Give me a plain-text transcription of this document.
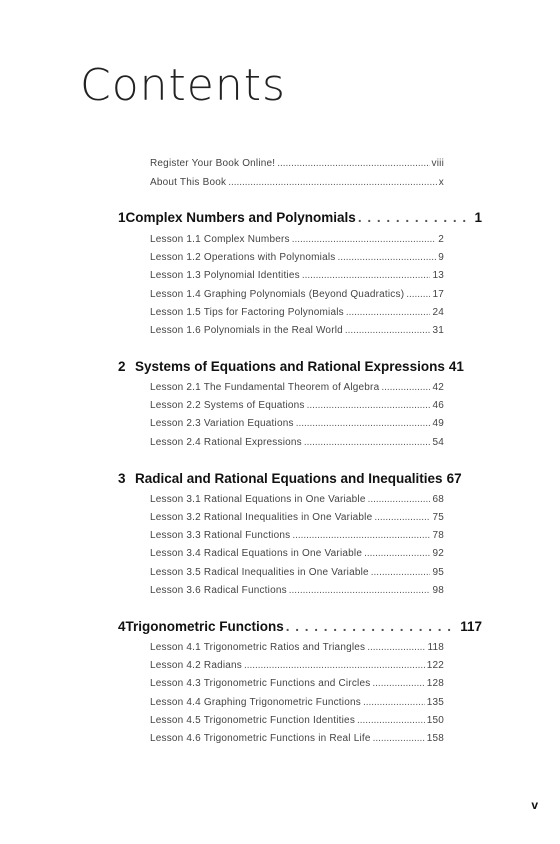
Contents
Register Your Book Online! . . .	viii
About This Book . . .	x
1 Complex Numbers and Polynomials . . .	1
Lesson 1.1 Complex Numbers . . .	2
Lesson 1.2 Operations with Polynomials . . .	9
Lesson 1.3 Polynomial Identities . . .	13
Lesson 1.4 Graphing Polynomials (Beyond Quadratics) . . .	17
Lesson 1.5 Tips for Factoring Polynomials . . .	24
Lesson 1.6 Polynomials in the Real World . . .	31
2 Systems of Equations and Rational Expressions 41
Lesson 2.1 The Fundamental Theorem of Algebra . . .	42
Lesson 2.2 Systems of Equations . . .	46
Lesson 2.3 Variation Equations . . .	49
Lesson 2.4 Rational Expressions . . .	54
3 Radical and Rational Equations and Inequalities 67
Lesson 3.1 Rational Equations in One Variable . . .	68
Lesson 3.2 Rational Inequalities in One Variable . . .	75
Lesson 3.3 Rational Functions . . .	78
Lesson 3.4 Radical Equations in One Variable . . .	92
Lesson 3.5 Radical Inequalities in One Variable . . .	95
Lesson 3.6 Radical Functions . . .	98
4 Trigonometric Functions . . .	117
Lesson 4.1 Trigonometric Ratios and Triangles . . .	118
Lesson 4.2 Radians . . .	122
Lesson 4.3 Trigonometric Functions and Circles . . .	128
Lesson 4.4 Graphing Trigonometric Functions . . .	135
Lesson 4.5 Trigonometric Function Identities . . .	150
Lesson 4.6 Trigonometric Functions in Real Life . . .	158
v
